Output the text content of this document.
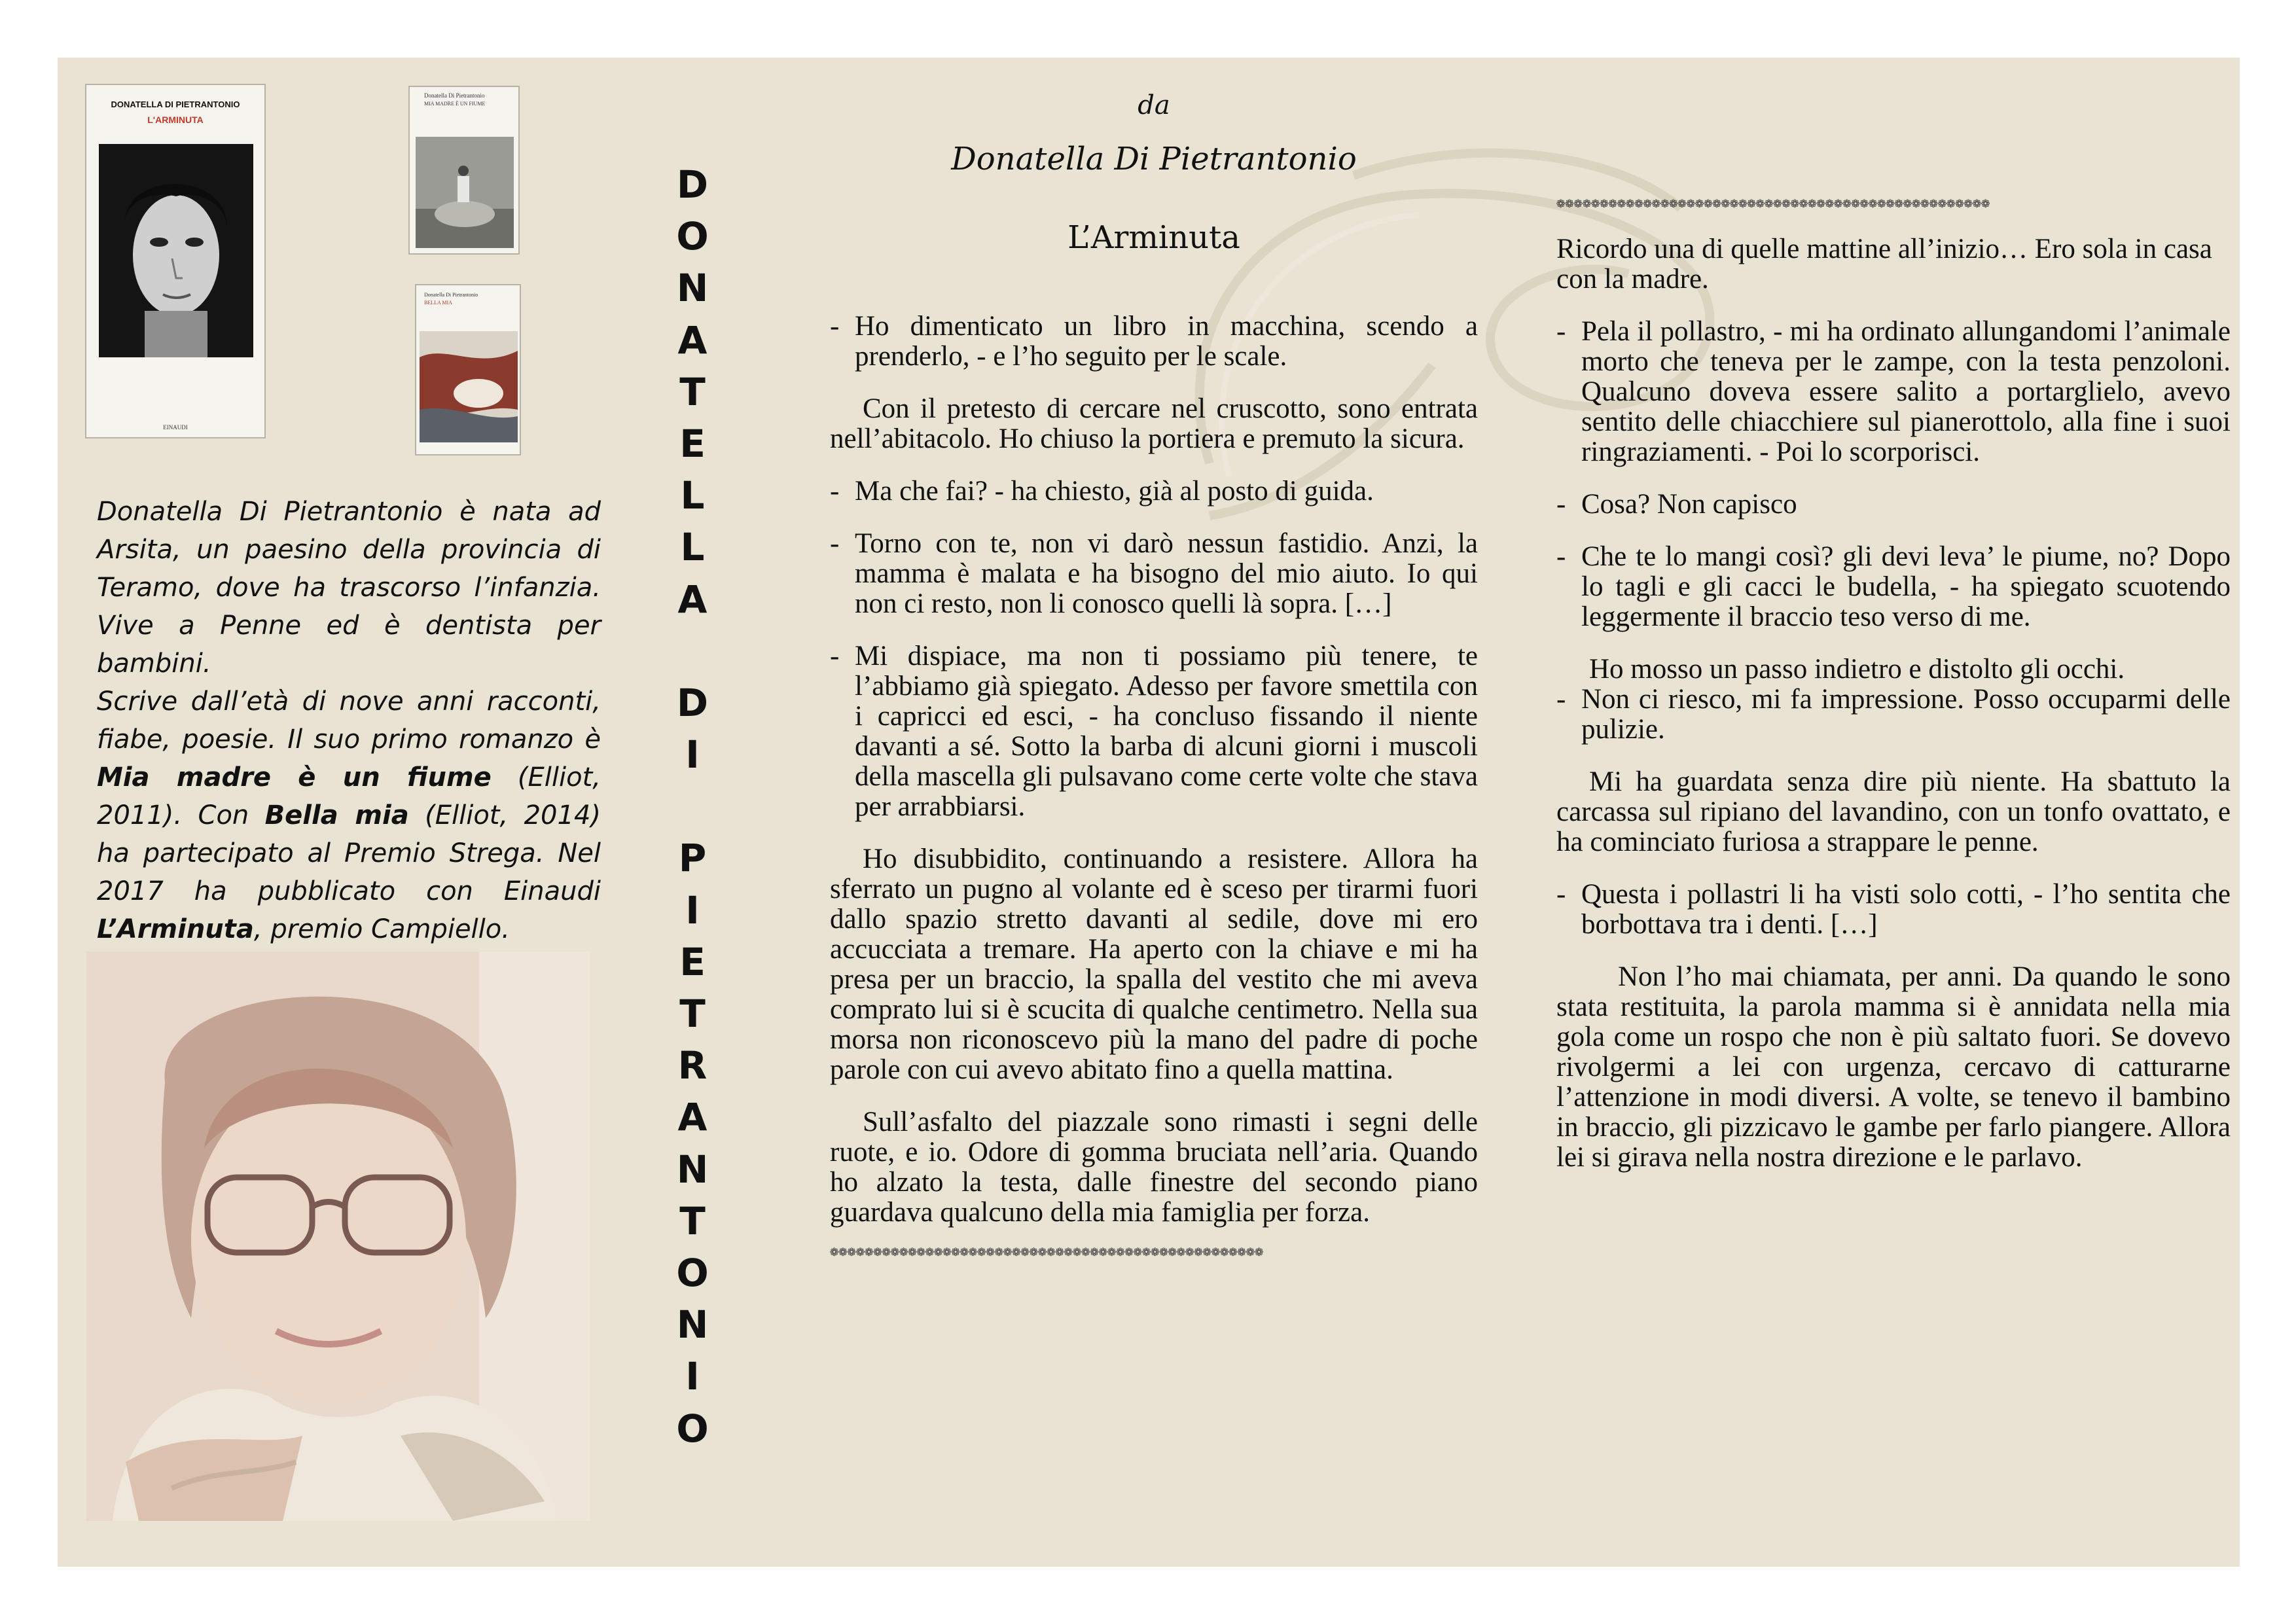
DONATELLA DI PIETRANTONIO
L'ARMINUTA
EINAUDI
Donatella Di Pietrantonio
MIA MADRE È UN FIUME
Donatella Di Pietrantonio
BELLA MIA
Donatella Di Pietrantonio è nata ad Arsita, un paesino della provincia di Teramo, dove ha trascorso l’infanzia. Vive a Penne ed è dentista per bambini.
Scrive dall’età di nove anni racconti, fiabe, poesie. Il suo primo romanzo è Mia madre è un fiume (Elliot, 2011). Con Bella mia (Elliot, 2014) ha partecipato al Premio Strega. Nel 2017 ha pubblicato con Einaudi L’Arminuta, premio Campiello.
D
O
N
A
T
E
L
L
A
D
I
P
I
E
T
R
A
N
T
O
N
I
O
da
Donatella Di Pietrantonio
L’Arminuta

- Ho dimenticato un libro in macchina, scendo a prenderlo, - e l’ho seguito per le scale.

Con il pretesto di cercare nel cruscotto, sono entrata nell’abitacolo. Ho chiuso la portiera e premuto la sicura.

- Ma che fai? - ha chiesto, già al posto di guida.

- Torno con te, non vi darò nessun fastidio. Anzi, la mamma è malata e ha bisogno del mio aiuto. Io qui non ci resto, non li conosco quelli là sopra. […]

- Mi dispiace, ma non ti possiamo più tenere, te l’abbiamo già spiegato. Adesso per favore smettila con i capricci ed esci, - ha concluso fissando il niente davanti a sé. Sotto la barba di alcuni giorni i muscoli della mascella gli pulsavano come certe volte che stava per arrabbiarsi.

Ho disubbidito, continuando a resistere. Allora ha sferrato un pugno al volante ed è sceso per tirarmi fuori dallo spazio stretto davanti al sedile, dove mi ero accucciata a tremare. Ha aperto con la chiave e mi ha presa per un braccio, la spalla del vestito che mi aveva comprato lui si è scucita di qualche centimetro. Nella sua morsa non riconoscevo più la mano del padre di poche parole con cui avevo abitato fino a quella mattina.

Sull’asfalto del piazzale sono rimasti i segni delle ruote, e io. Odore di gomma bruciata nell’aria. Quando ho alzato la testa, dalle finestre del secondo piano guardava qualcuno della mia famiglia per forza.

❁❁❁❁❁❁❁❁❁❁❁❁❁❁❁❁❁❁❁❁❁❁❁❁❁❁❁❁❁❁❁❁❁❁❁❁❁❁❁❁❁❁❁❁❁❁❁❁❁❁
❁❁❁❁❁❁❁❁❁❁❁❁❁❁❁❁❁❁❁❁❁❁❁❁❁❁❁❁❁❁❁❁❁❁❁❁❁❁❁❁❁❁❁❁❁❁❁❁❁❁

Ricordo una di quelle mattine all’inizio… Ero sola in casa con la madre.

- Pela il pollastro, - mi ha ordinato allungandomi l’animale morto che teneva per le zampe, con la testa penzoloni. Qualcuno doveva essere salito a portarglielo, avevo sentito delle chiacchiere sul pianerottolo, alla fine i suoi ringraziamenti. - Poi lo scorporisci.

- Cosa? Non capisco

- Che te lo mangi così? gli devi leva’ le piume, no? Dopo lo tagli e gli cacci le budella, - ha spiegato scuotendo leggermente il braccio teso verso di me.

Ho mosso un passo indietro e distolto gli occhi.

- Non ci riesco, mi fa impressione. Posso occuparmi delle pulizie.

Mi ha guardata senza dire più niente. Ha sbattuto la carcassa sul ripiano del lavandino, con un tonfo ovattato, e ha cominciato furiosa a strappare le penne.

- Questa i pollastri li ha visti solo cotti, - l’ho sentita che borbottava tra i denti. […]

Non l’ho mai chiamata, per anni. Da quando le sono stata restituita, la parola mamma si è annidata nella mia gola come un rospo che non è più saltato fuori. Se dovevo rivolgermi a lei con urgenza, cercavo di catturarne l’attenzione in modi diversi. A volte, se tenevo il bambino in braccio, gli pizzicavo le gambe per farlo piangere. Allora lei si girava nella nostra direzione e le parlavo.
